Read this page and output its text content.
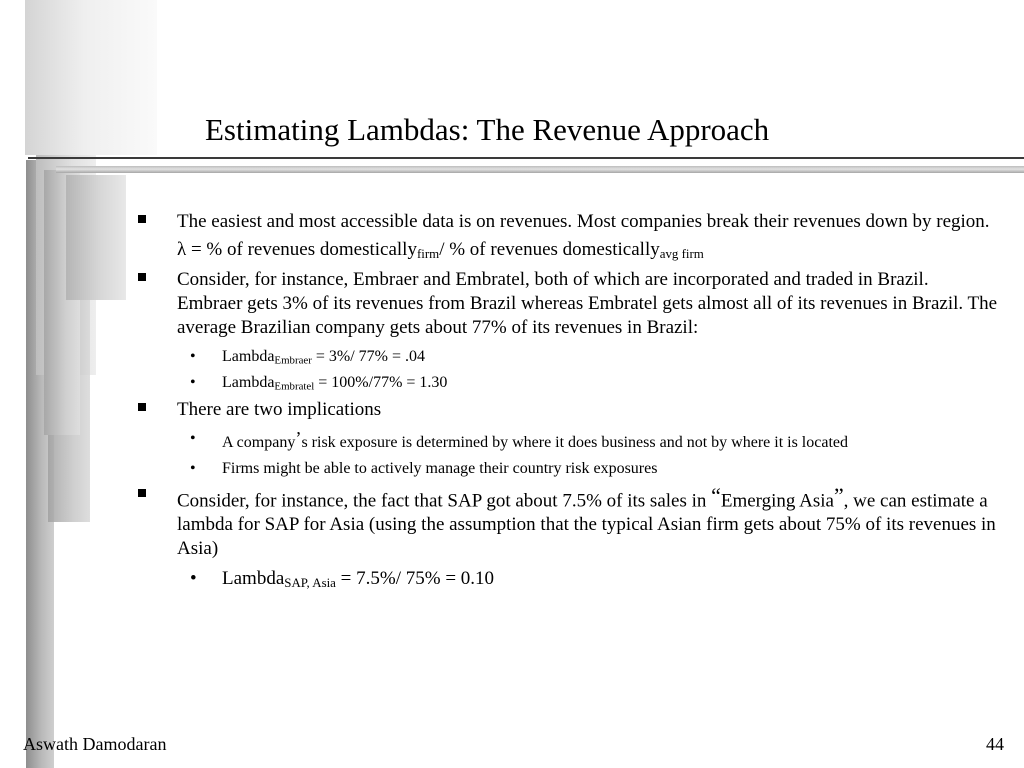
Estimating Lambdas: The Revenue Approach
The easiest and most accessible data is on revenues. Most companies break their revenues down by region.
λ = % of revenues domestically$_{firm}$/ % of revenues domestically$_{avg firm}$
Consider, for instance, Embraer and Embratel, both of which are incorporated and traded in Brazil. Embraer gets 3% of its revenues from Brazil whereas Embratel gets almost all of its revenues in Brazil. The average Brazilian company gets about 77% of its revenues in Brazil:
• Lambda$_{Embraer}$ = 3%/ 77% = .04
• Lambda$_{Embratel}$ = 100%/77% = 1.30
There are two implications
• A company’s risk exposure is determined by where it does business and not by where it is located
• Firms might be able to actively manage their country risk exposures
Consider, for instance, the fact that SAP got about 7.5% of its sales in “Emerging Asia”, we can estimate a lambda for SAP for Asia (using the assumption that the typical Asian firm gets about 75% of its revenues in Asia)
• Lambda$_{SAP, Asia}$ = 7.5%/ 75% = 0.10
Aswath Damodaran	44
